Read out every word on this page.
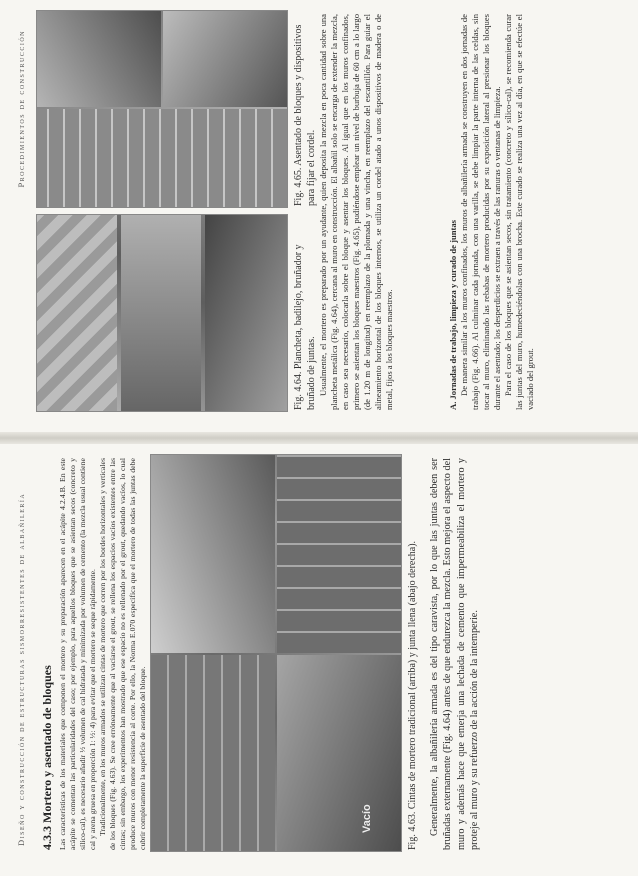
Diseño y construcción de estructuras sismorresistentes de albañilería	Vacío	Fig. 4.63. Cintas de mortero tradicional (arriba) y junta llena (abajo derecha). Generalmente, la albañilería armada es del tipo caravista, por lo que las juntas deben ser bruñadas externamente (Fig. 4.64) antes de que endurezca la mezcla. Esto mejora el aspecto del muro y además hace que emerja una lechada de cemento que impermeabiliza el mortero y proteje al muro y su refuerzo de la acción de la intemperie.

4.3.3 Mortero y asentado de bloques Las características de los materiales que componen el mortero y su preparación aparecen en el acápite 4.2.4.B. En este acápite se comentan las particularidades del caso; por ejemplo, para aquellos bloques que se asientan secos (concreto y sílico-cal), es necesario añadir ½ volumen de cal hidratada y minimizada por volumen de cemento (la mezcla usual contiene cal y arena gruesa en proporción 1: ½: 4) para evitar que el mortero se seque rápidamente. Tradicionalmente, en los muros armados se utilizan cintas de mortero que corren por los bordes horizontales y verticales de los bloques (Fig. 4.63). Se cree erróneamente que al vaciarse el grout, se rellena los espacios vacíos existentes entre las cintas; sin embargo, los experimentos han mostrado que ese espacio no es rellenado por el grout, quedando vacíos, lo cual produce muros con menor resistencia al corte. Por ello, la Norma E.070 especifica que el mortero de todas las juntas debe cubrir completamente la superficie de asentado del bloque.

Procedimientos de construcción
Fig. 4.64. Plancheta, badilejo, bruñador y bruñado de juntas.
Fig. 4.65. Asentado de bloques y dispositivos para fijar el cordel. Usualmente, el mortero es preparado por un ayudante, quien deposita la mezcla en poca cantidad sobre una plancheta metálica (Fig. 4.64), cercana al muro en construcción. El albañil solo se encarga de extender la mezcla, en caso sea necesario, colocarla sobre el bloque y asentar los bloques. Al igual que en los muros confinados, primero se asientan los bloques maestros (Fig. 4.65), pudiéndose emplear un nivel de burbuja de 60 cm a lo largo (de 1.20 m de longitud) en reemplazo de la plomada y una vincha, en reemplazo del escantillón. Para guiar el alineamiento horizontal de los bloques internos, se utiliza un cordel atado a unos dispositivos de madera o de metal, fijos a los bloques maestros.	A. Jornadas de trabajo, limpieza y curado de juntas De manera similar a los muros confinados, los muros de albañilería armada se construyen en dos jornadas de trabajo (Fig. 4.66). Al culminar cada jornada, con una varilla, se debe limpiar la parte interna de las celdas, sin tocar al muro, eliminando las rebabas de mortero producidas por su exposición lateral al presionar los bloques durante el asentado; los desperdicios se extraen a través de las ranuras o ventanas de limpieza. Para el caso de los bloques que se asientan secos, sin tratamiento (concreto y sílico-cal), se recomienda curar las juntas del muro, humedeciéndolas con una brocha. Este curado se realiza una vez al día, en que se efectúe el vaciado del grout.
